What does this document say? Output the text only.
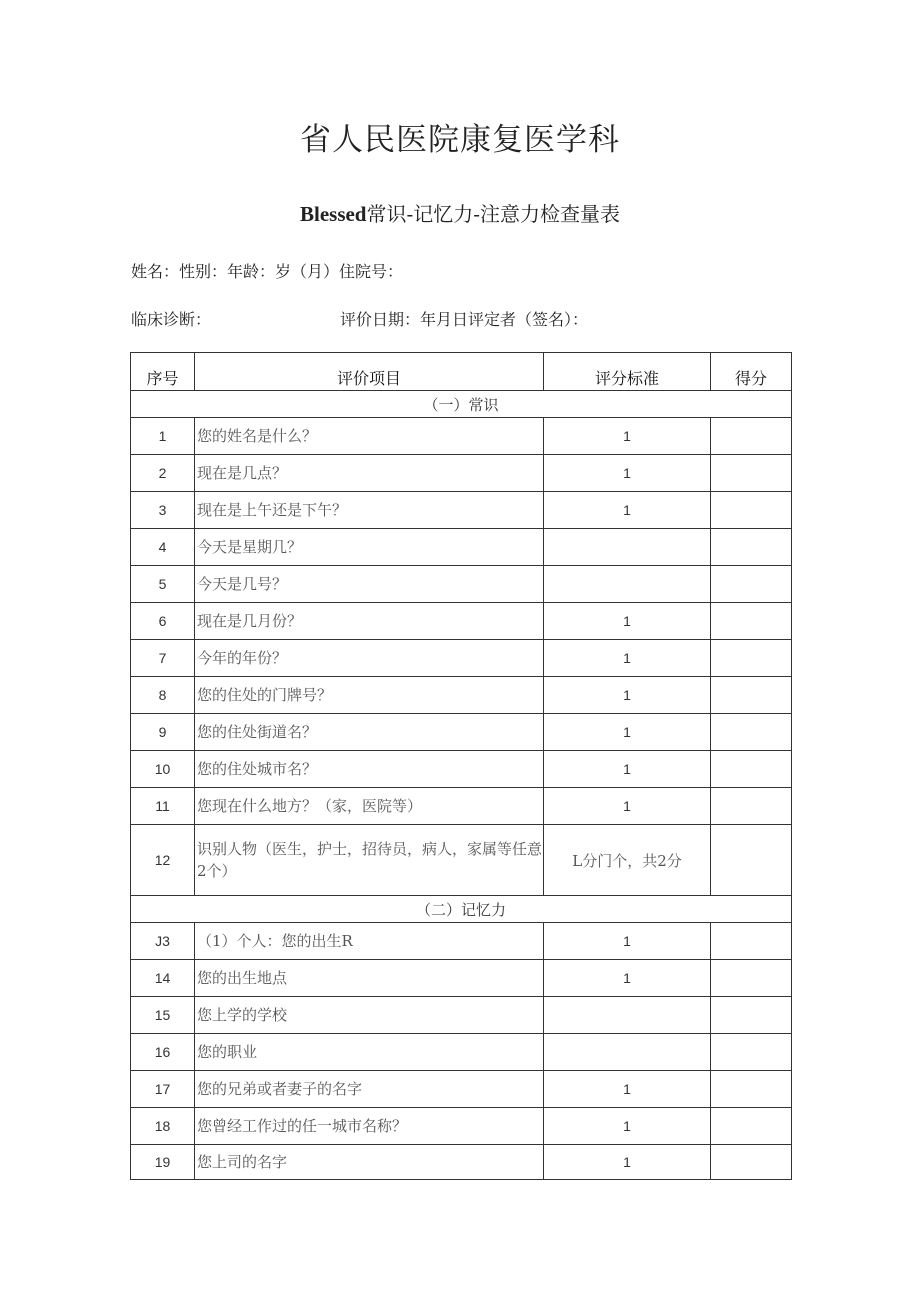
省人民医院康复医学科
Blessed常识-记忆力-注意力检查量表
姓名：性别：年龄：岁（月）住院号：
临床诊断：	评价日期：年月日评定者（签名）：
序号	评价项目	评分标准	得分
（一）常识			
1	您的姓名是什么？	1	
2	现在是几点？	1	
3	现在是上午还是下午？	1	
4	今天是星期几？		
5	今天是几号？		
6	现在是几月份？	1	
7	今年的年份？	1	
8	您的住处的门牌号？	1	
9	您的住处街道名？	1	
10	您的住处城市名？	1	
11	您现在什么地方？（家，医院等）	1	
12	识别人物（医生，护士，招待员，病人，家属等任意2个）	L分门个，共2分	
（二）记忆力			
J3	（1）个人：您的出生R	1	
14	您的出生地点	1	
15	您上学的学校		
16	您的职业		
17	您的兄弟或者妻子的名字	1	
18	您曾经工作过的任一城市名称？	1	
19	您上司的名字	1	
